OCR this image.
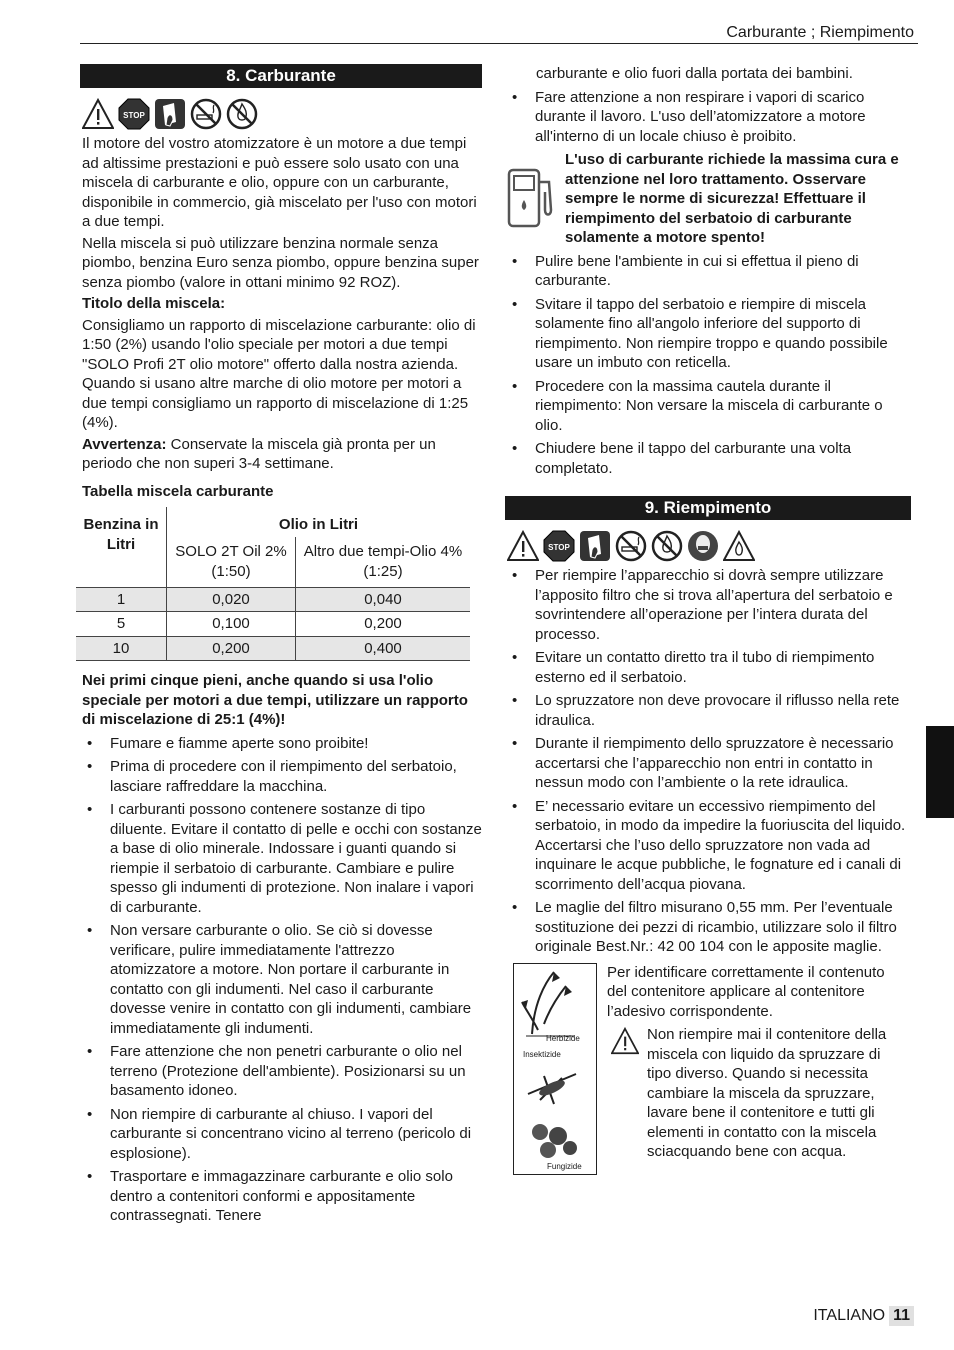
Carburante ; Riempimento
8. Carburante

Il motore del vostro atomizzatore è un motore a due tempi ad altissime prestazioni e può essere solo usato con una miscela di carburante e olio, oppure con un carburante, disponibile in commercio, già miscelato per l'uso con motori a due tempi.

Nella miscela si può utilizzare benzina normale senza piombo, benzina Euro senza piombo, oppure benzina super senza piombo (valore in ottani minimo 92 ROZ).

Titolo della miscela:

Consigliamo un rapporto di miscelazione carburante: olio di 1:50 (2%) usando l'olio speciale per motori a due tempi "SOLO Profi 2T olio motore" offerto dalla nostra azienda. Quando si usano altre marche di olio motore per motori a due tempi consigliamo un rapporto di miscelazione di 1:25 (4%).

Avvertenza: Conservate la miscela già pronta per un periodo che non superi 3-4 settimane.

Tabella miscela carburante

Benzina in Litri	Olio in Litri	
	SOLO 2T Oil 2% (1:50)	Altro due tempi-Olio 4% (1:25)
1	0,020	0,040
5	0,100	0,200
10	0,200	0,400

Nei primi cinque pieni, anche quando si usa l'olio speciale per motori a due tempi, utilizzare un rapporto di miscelazione di 25:1 (4%)!

• Fumare e fiamme aperte sono proibite!
• Prima di procedere con il riempimento del serbatoio, lasciare raffreddare la macchina.
• I carburanti possono contenere sostanze di tipo diluente. Evitare il contatto di pelle e occhi con sostanze a base di olio minerale. Indossare i guanti quando si riempie il serbatoio di carburante. Cambiare e pulire spesso gli indumenti di protezione. Non inalare i vapori di carburante.
• Non versare carburante o olio. Se ciò si dovesse verificare, pulire immediatamente l'attrezzo atomizzatore a motore. Non portare il carburante in contatto con gli indumenti. Nel caso il carburante dovesse venire in contatto con gli indumenti, cambiare immediatamente gli indumenti.
• Fare attenzione che non penetri carburante o olio nel terreno (Protezione dell'ambiente). Posizionarsi su un basamento idoneo.
• Non riempire di carburante al chiuso. I vapori del carburante si concentrano vicino al terreno (pericolo di esplosione).
• Trasportare e immagazzinare carburante e olio solo dentro a contenitori conformi e appositamente contrassegnati. Tenere

carburante e olio fuori dalla portata dei bambini.

• Fare attenzione a non respirare i vapori di scarico durante il lavoro. L'uso dell’atomizzatore a motore all'interno di un locale chiuso è proibito.
L'uso di carburante richiede la massima cura e attenzione nel loro trattamento. Osservare sempre le norme di sicurezza! Effettuare il riempimento del serbatoio di carburante solamente a motore spento!
• Pulire bene l'ambiente in cui si effettua il pieno di carburante.
• Svitare il tappo del serbatoio e riempire di miscela solamente fino all'angolo inferiore del supporto di riempimento. Non riempire troppo e quando possibile usare un imbuto con reticella.
• Procedere con la massima cautela durante il riempimento: Non versare la miscela di carburante o olio.
• Chiudere bene il tappo del carburante una volta completato.
9. Riempimento
• Per riempire l’apparecchio si dovrà sempre utilizzare l’apposito filtro che si trova all’apertura del serbatoio e sovrintendere all’operazione per l’intera durata del processo.
• Evitare un contatto diretto tra il tubo di riempimento esterno ed il serbatoio.
• Lo spruzzatore non deve provocare il riflusso nella rete idraulica.
• Durante il riempimento dello spruzzatore è necessario accertarsi che l’apparecchio non entri in contatto in nessun modo con l’ambiente o la rete idraulica.
• E’ necessario evitare un eccessivo riempimento del serbatoio, in modo da impedire la fuoriuscita del liquido. Accertarsi che l’uso dello spruzzatore non vada ad inquinare le acque pubbliche, le fognature ed i canali di scorrimento dell’acqua piovana.
• Le maglie del filtro misurano 0,55 mm. Per l’eventuale sostituzione dei pezzi di ricambio, utilizzare solo il filtro originale Best.Nr.: 42 00 104 con le apposite maglie.
Herbizide
Insektizide
Fungizide

Per identificare correttamente il contenuto del contenitore applicare al contenitore l’adesivo corrispondente.

Non riempire mai il contenitore della miscela con liquido da spruzzare di tipo diverso. Quando si necessita cambiare la miscela da spruzzare, lavare bene il contenitore e tutti gli elementi in contatto con la miscela sciacquando bene con acqua.
ITALIANO 11
